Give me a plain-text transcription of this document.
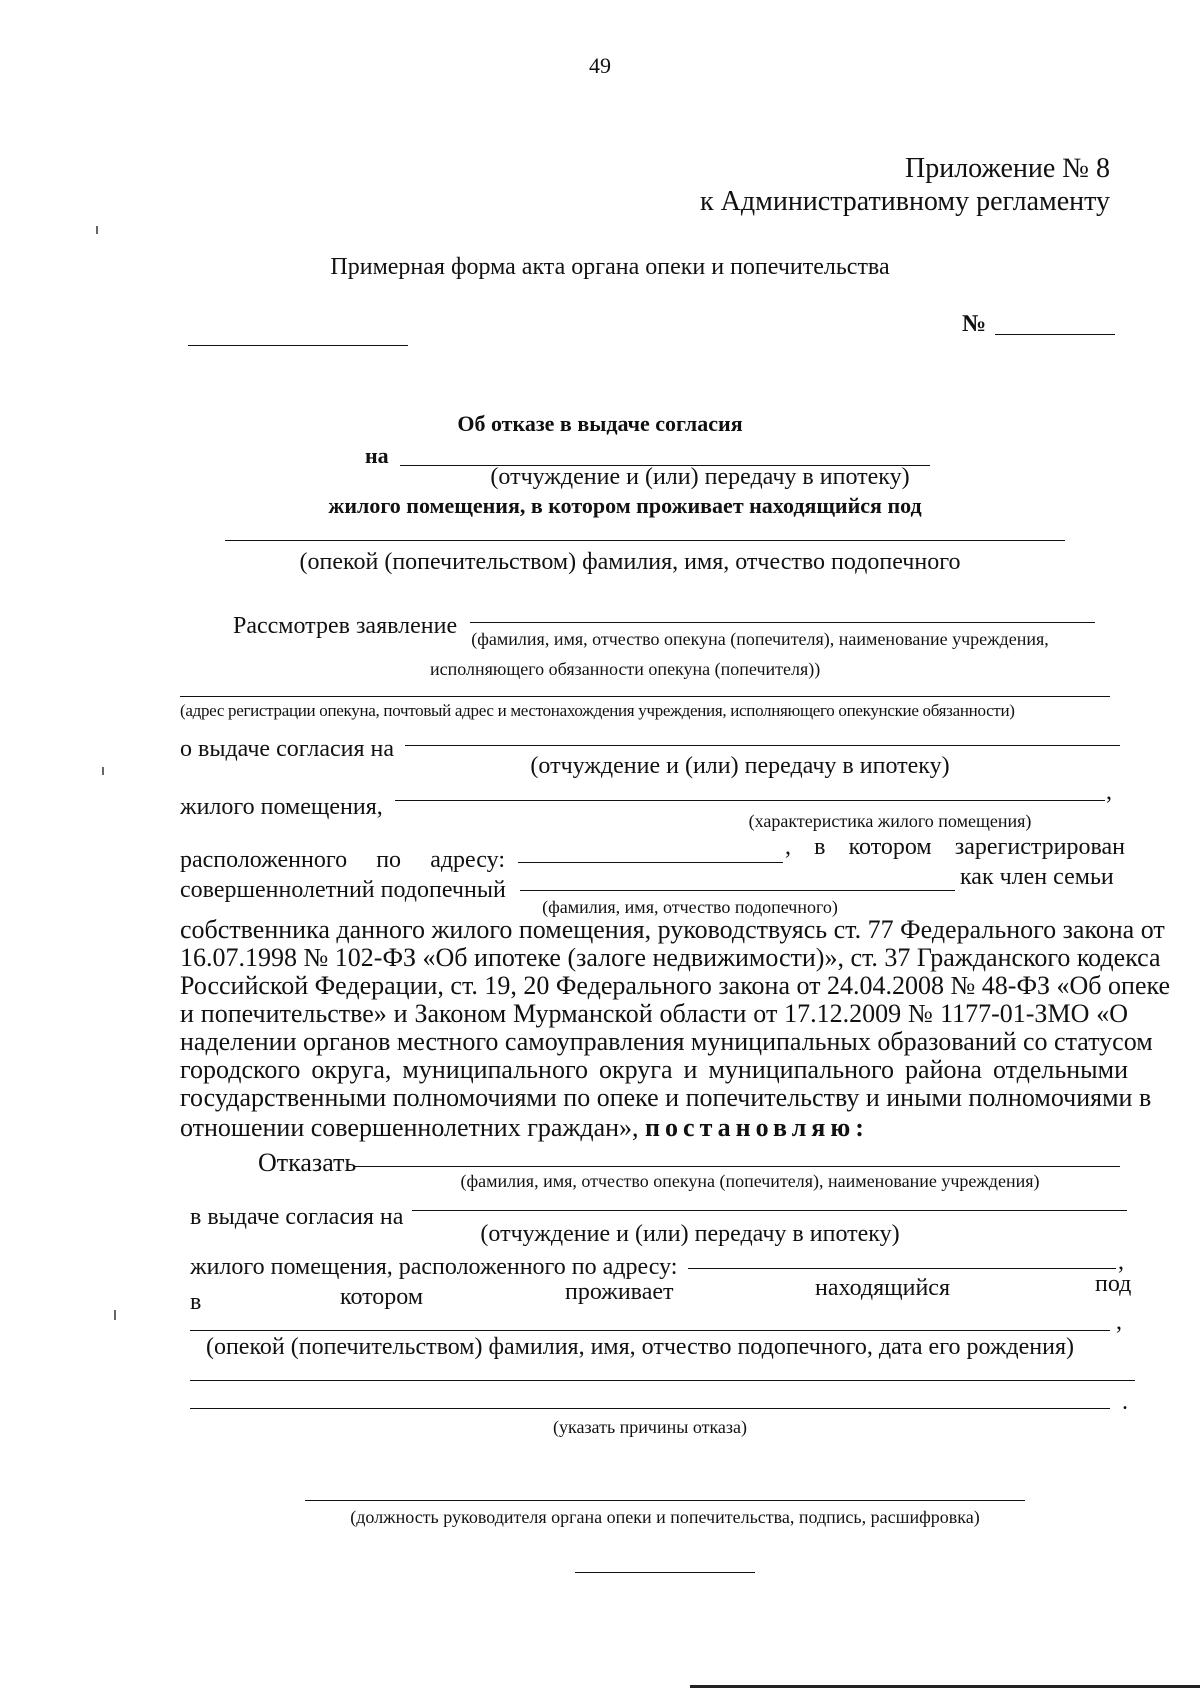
49
Приложение № 8
к Административному регламенту
Примерная форма акта органа опеки и попечительства
№
Об отказе в выдаче согласия
на
(отчуждение и (или) передачу в ипотеку)
жилого помещения, в котором проживает находящийся под
(опекой (попечительством) фамилия, имя, отчество подопечного
Рассмотрев заявление (фамилия, имя, отчество опекуна (попечителя), наименование учреждения,
исполняющего обязанности опекуна (попечителя))
(адрес регистрации опекуна, почтовый адрес и местонахождения учреждения, исполняющего опекунские обязанности)
о выдаче согласия на
(отчуждение и (или) передачу в ипотеку)
жилого помещения,
,
(характеристика жилого помещения)
расположенного по адресу:	, в котором зарегистрирован
совершеннолетний подопечный	как член семьи
(фамилия, имя, отчество подопечного)
собственника данного жилого помещения, руководствуясь ст. 77 Федерального закона от
16.07.1998 № 102-ФЗ «Об ипотеке (залоге недвижимости)», ст. 37 Гражданского кодекса
Российской Федерации, ст. 19, 20 Федерального закона от 24.04.2008 № 48-ФЗ «Об опеке
и попечительстве» и Законом Мурманской области от 17.12.2009 № 1177-01-ЗМО «О
наделении органов местного самоуправления муниципальных образований со статусом
городского округа, муниципального округа и муниципального района отдельными
государственными полномочиями по опеке и попечительству и иными полномочиями в
отношении совершеннолетних граждан», постановляю:
Отказать
(фамилия, имя, отчество опекуна (попечителя), наименование учреждения)
в выдаче согласия на
(отчуждение и (или) передачу в ипотеку)
жилого помещения, расположенного по адресу:	,
в	котором	проживает	находящийся	под
,
(опекой (попечительством) фамилия, имя, отчество подопечного, дата его рождения)
.
(указать причины отказа)
(должность руководителя органа опеки и попечительства, подпись, расшифровка)
